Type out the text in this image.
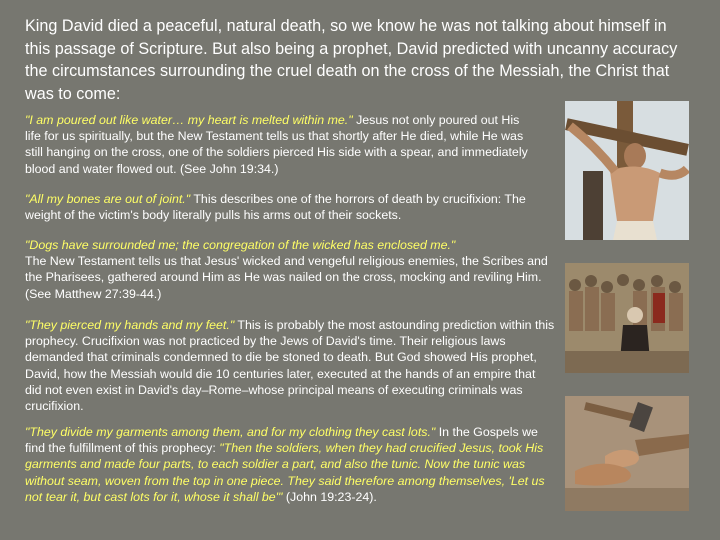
King David died a peaceful, natural death, so we know he was not talking about himself in this passage of Scripture. But also being a prophet, David predicted with uncanny accuracy the circumstances surrounding the cruel death on the cross of the Messiah, the Christ that was to come:
"I am poured out like water… my heart is melted within me." Jesus not only poured out His life for us spiritually, but the New Testament tells us that shortly after He died, while He was still hanging on the cross, one of the soldiers pierced His side with a spear, and immediately blood and water flowed out. (See John 19:34.)
"All my bones are out of joint." This describes one of the horrors of death by crucifixion: The weight of the victim's body literally pulls his arms out of their sockets.
"Dogs have surrounded me; the congregation of the wicked has enclosed me."
The New Testament tells us that Jesus' wicked and vengeful religious enemies, the Scribes and the Pharisees, gathered around Him as He was nailed on the cross, mocking and reviling Him. (See Matthew 27:39-44.)
"They pierced my hands and my feet." This is probably the most astounding prediction within this prophecy. Crucifixion was not practiced by the Jews of David's time. Their religious laws demanded that criminals condemned to die be stoned to death. But God showed His prophet, David, how the Messiah would die 10 centuries later, executed at the hands of an empire that did not even exist in David's day–Rome–whose principal means of executing criminals was crucifixion.
"They divide my garments among them, and for my clothing they cast lots." In the Gospels we find the fulfillment of this prophecy: "Then the soldiers, when they had crucified Jesus, took His garments and made four parts, to each soldier a part, and also the tunic. Now the tunic was without seam, woven from the top in one piece. They said therefore among themselves, 'Let us not tear it, but cast lots for it, whose it shall be'" (John 19:23-24).
